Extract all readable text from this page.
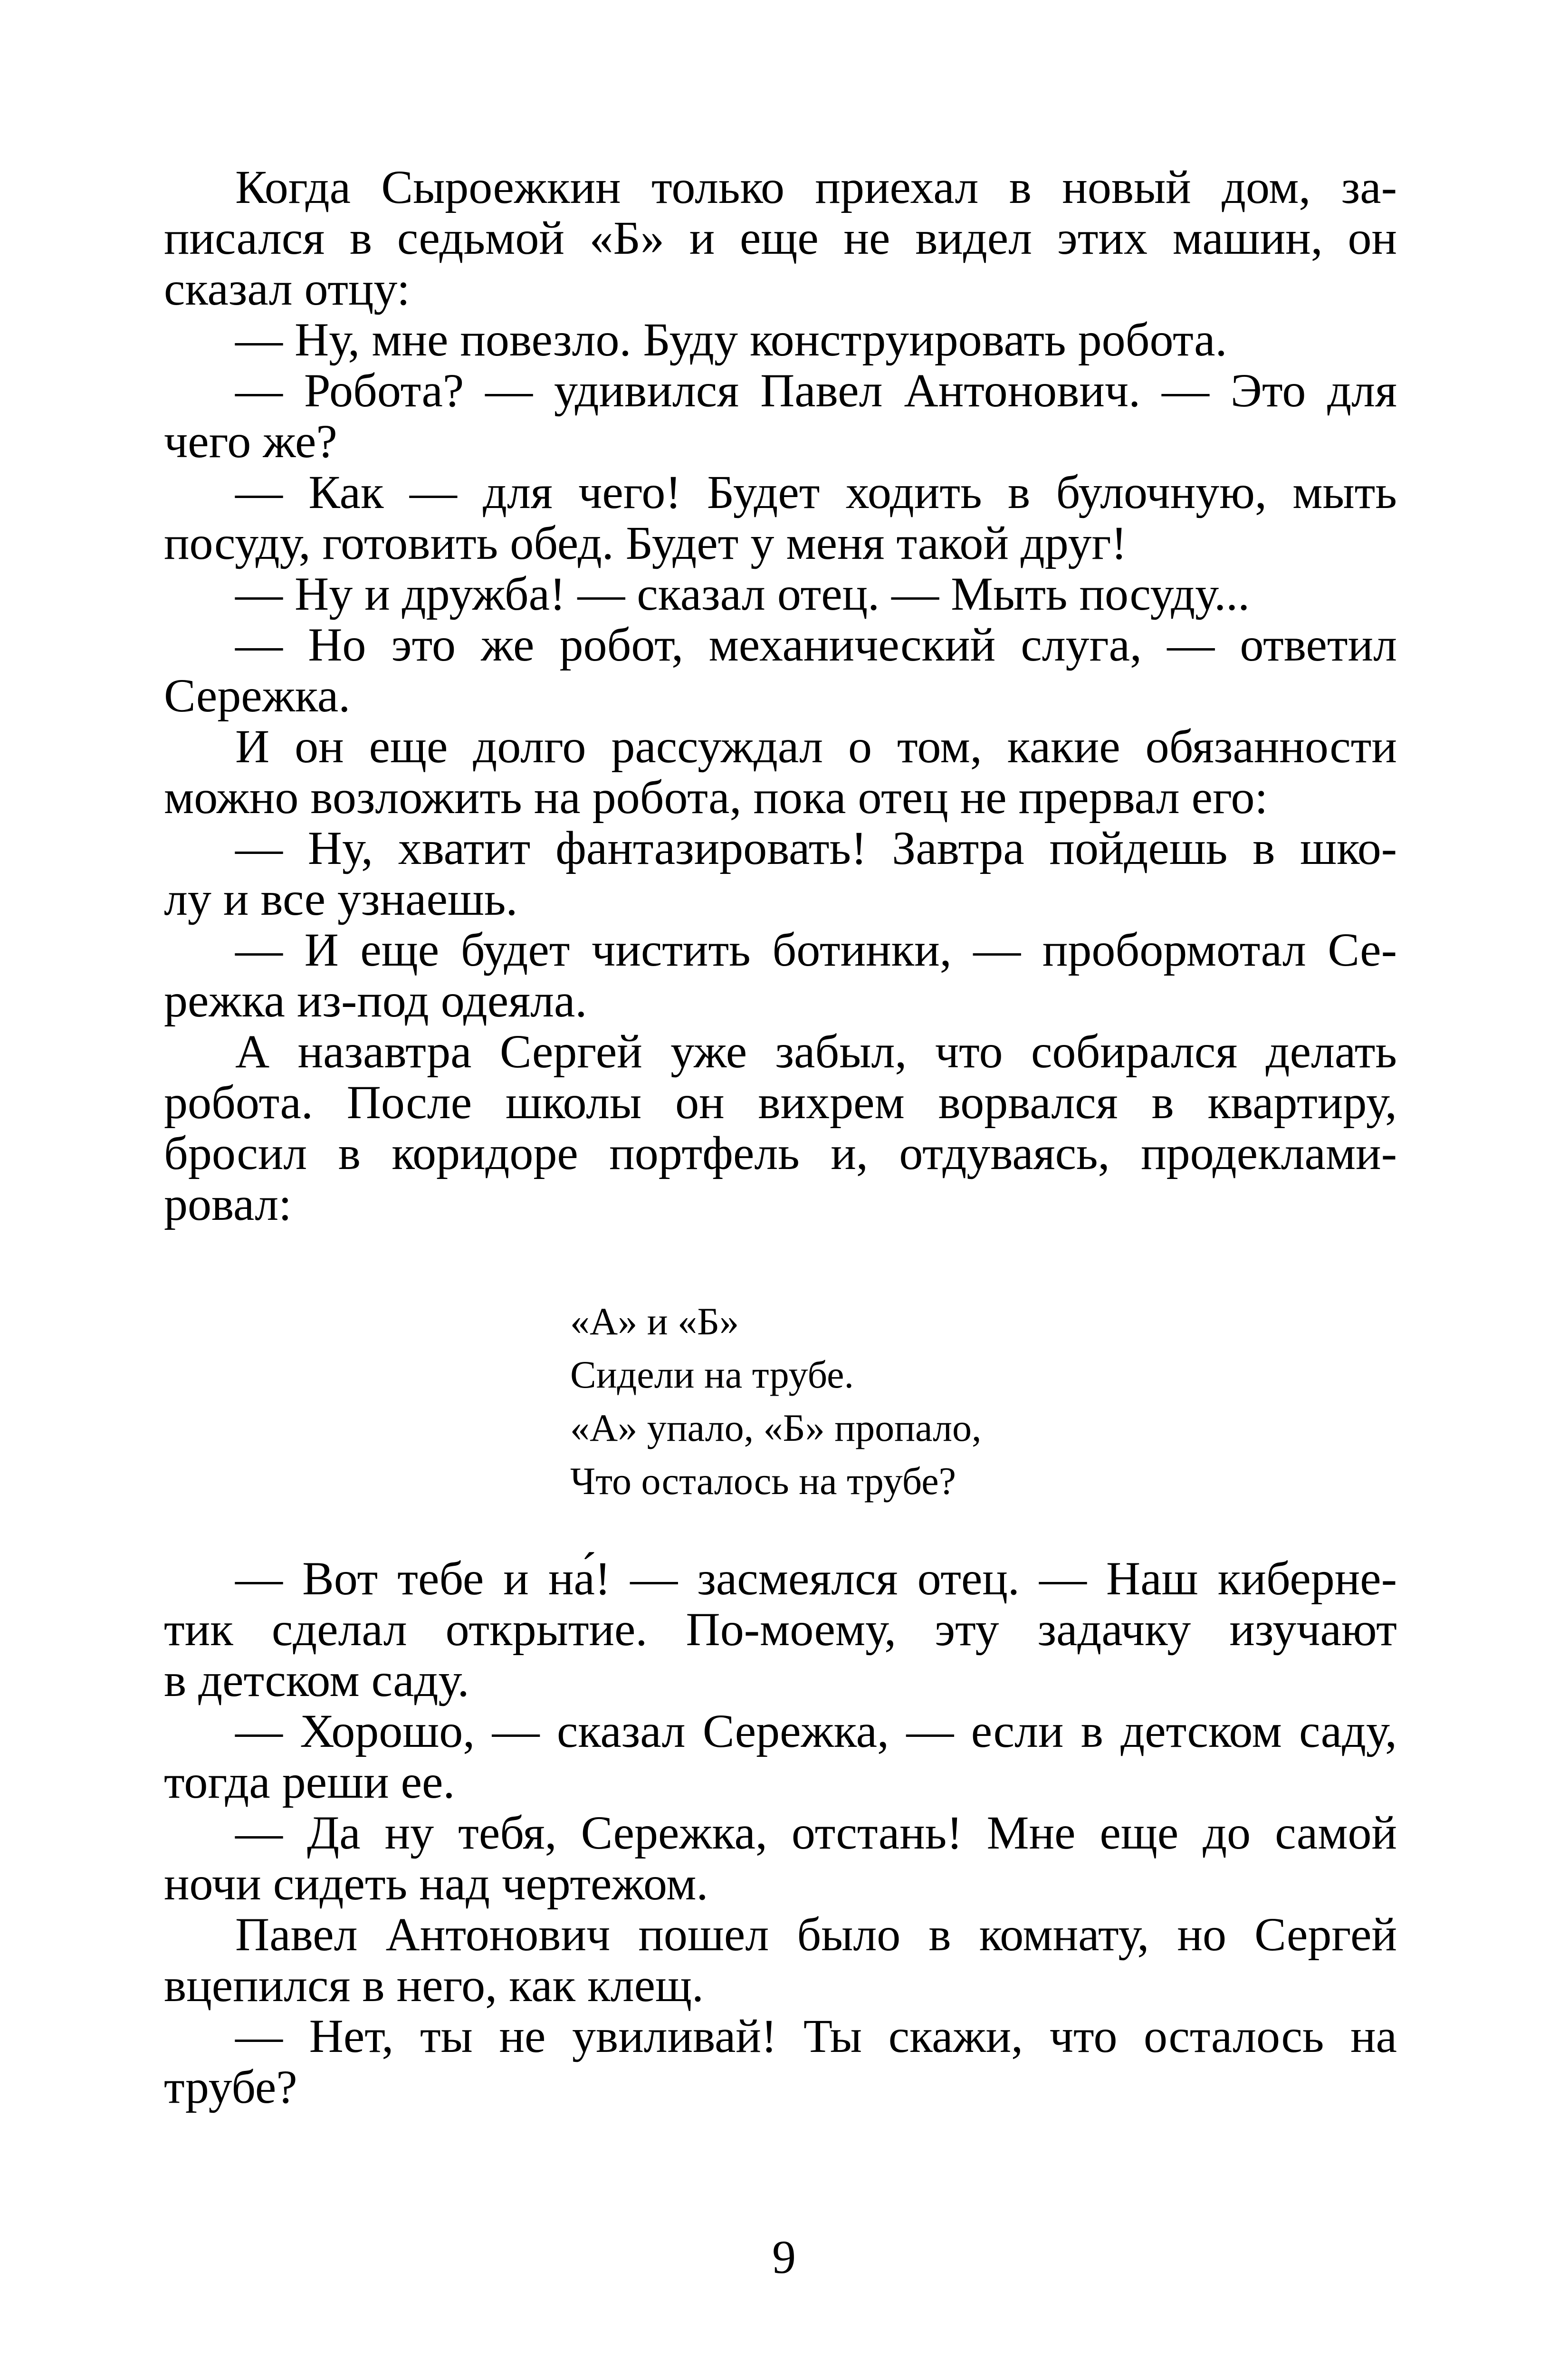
Когда Сыроежкин только приехал в новый дом, за-
писался в седьмой «Б» и еще не видел этих машин, он
сказал отцу:
— Ну, мне повезло. Буду конструировать робота.
— Робота? — удивился Павел Антонович. — Это для
чего же?
— Как — для чего! Будет ходить в булочную, мыть
посуду, готовить обед. Будет у меня такой друг!
— Ну и дружба! — сказал отец. — Мыть посуду...
— Но это же робот, механический слуга, — ответил
Сережка.
И он еще долго рассуждал о том, какие обязанности
можно возложить на робота, пока отец не прервал его:
— Ну, хватит фантазировать! Завтра пойдешь в шко-
лу и все узнаешь.
— И еще будет чистить ботинки, — пробормотал Се-
режка из-под одеяла.
А назавтра Сергей уже забыл, что собирался делать
робота. После школы он вихрем ворвался в квартиру,
бросил в коридоре портфель и, отдуваясь, продеклами-
ровал:
«А» и «Б»
Сидели на трубе.
«А» упало, «Б» пропало,
Что осталось на трубе?
— Вот тебе и на́! — засмеялся отец. — Наш киберне-
тик сделал открытие. По-моему, эту задачку изучают
в детском саду.
— Хорошо, — сказал Сережка, — если в детском саду,
тогда реши ее.
— Да ну тебя, Сережка, отстань! Мне еще до самой
ночи сидеть над чертежом.
Павел Антонович пошел было в комнату, но Сергей
вцепился в него, как клещ.
— Нет, ты не увиливай! Ты скажи, что осталось на
трубе?
9
